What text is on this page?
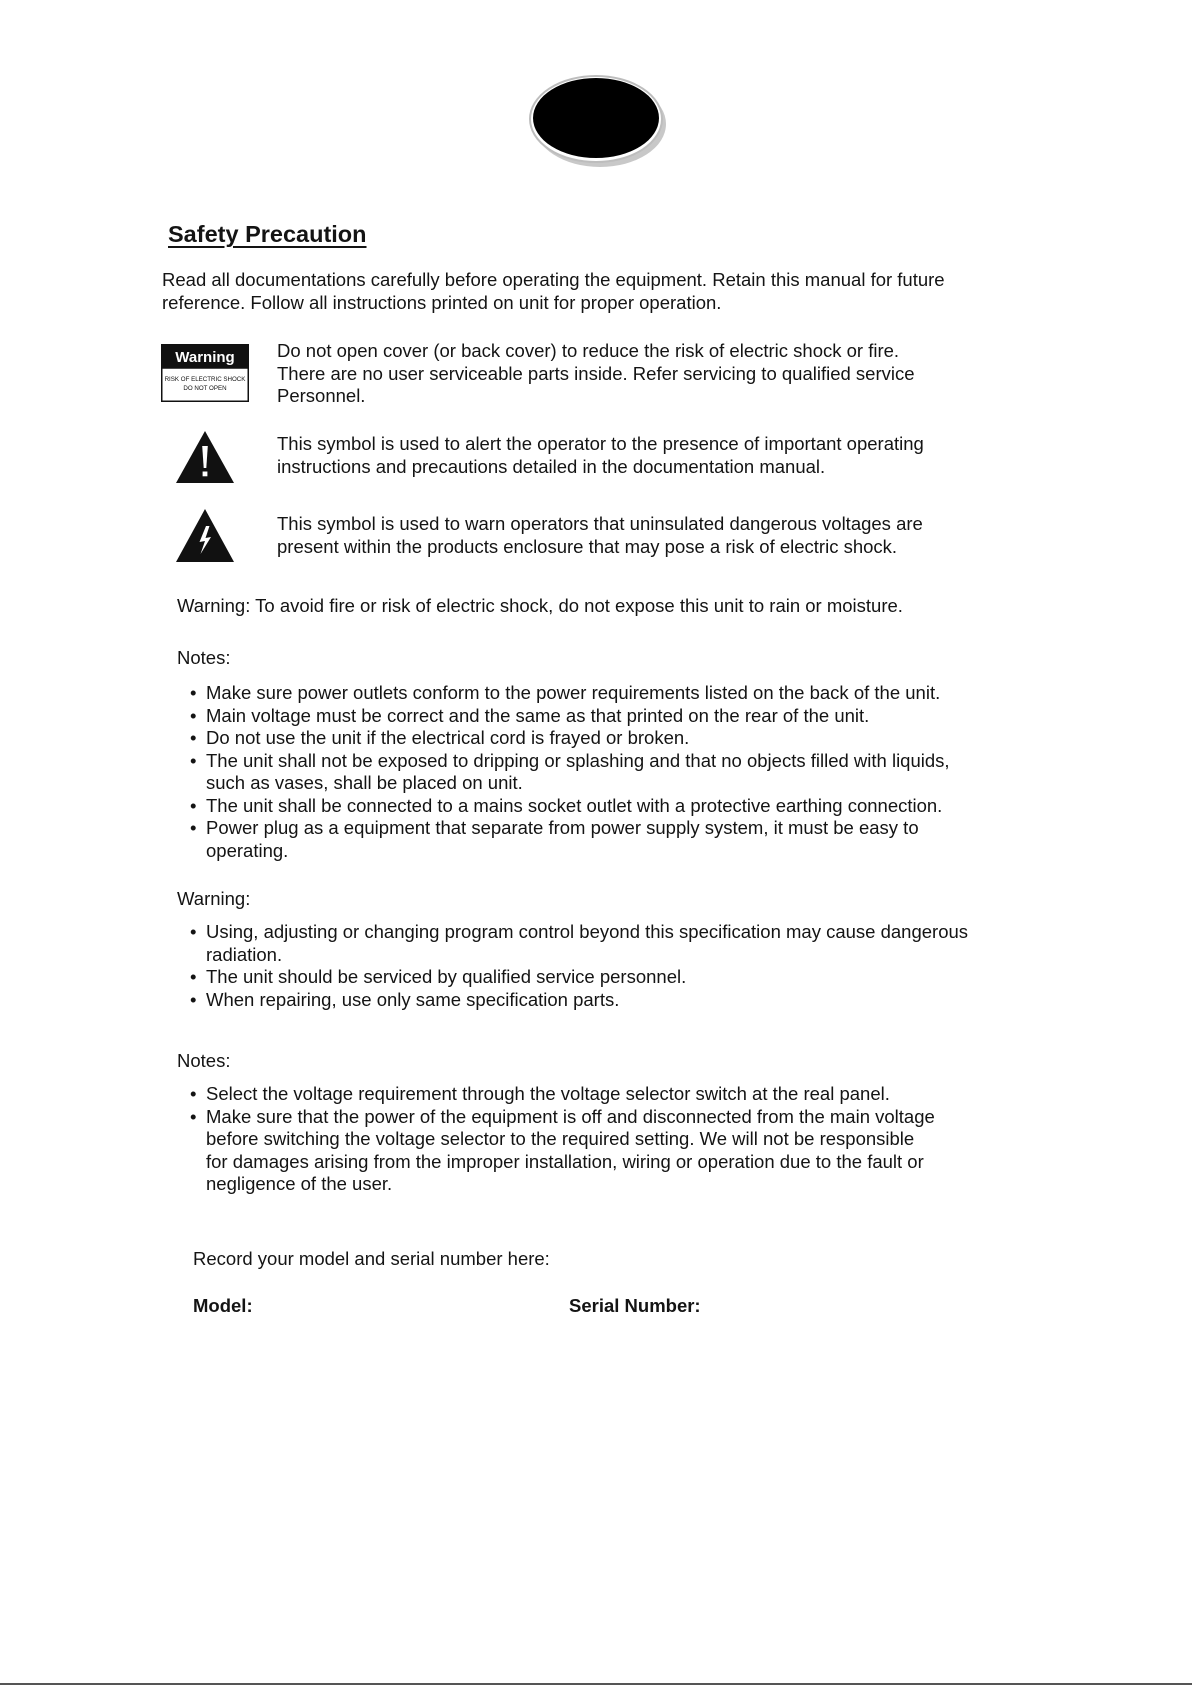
Safety Precaution
Read all documentations carefully before operating the equipment. Retain this manual for future
reference. Follow all instructions printed on unit for proper operation.
Warning
RISK OF ELECTRIC SHOCK
DO NOT OPEN
Do not open cover (or back cover) to reduce the risk of electric shock or fire.
There are no user serviceable parts inside. Refer servicing to qualified service
Personnel.
This symbol is used to alert the operator to the presence of important operating
instructions and precautions detailed in the documentation manual.
This symbol is used to warn operators that uninsulated dangerous voltages are
present within the products enclosure that may pose a risk of electric shock.
Warning: To avoid fire or risk of electric shock, do not expose this unit to rain or moisture.
Notes:
• Make sure power outlets conform to the power requirements listed on the back of the unit.
• Main voltage must be correct and the same as that printed on the rear of the unit.
• Do not use the unit if the electrical cord is frayed or broken.
• The unit shall not be exposed to dripping or splashing and that no objects filled with liquids,
such as vases, shall be placed on unit.
• The unit shall be connected to a mains socket outlet with a protective earthing connection.
• Power plug as a equipment that separate from power supply system, it must be easy to
operating.
Warning:
• Using, adjusting or changing program control beyond this specification may cause dangerous
radiation.
• The unit should be serviced by qualified service personnel.
• When repairing, use only same specification parts.
Notes:
• Select the voltage requirement through the voltage selector switch at the real panel.
• Make sure that the power of the equipment is off and disconnected from the main voltage
before switching the voltage selector to the required setting. We will not be responsible
for damages arising from the improper installation, wiring or operation due to the fault or
negligence of the user.
Record your model and serial number here:
Model:	Serial Number:
